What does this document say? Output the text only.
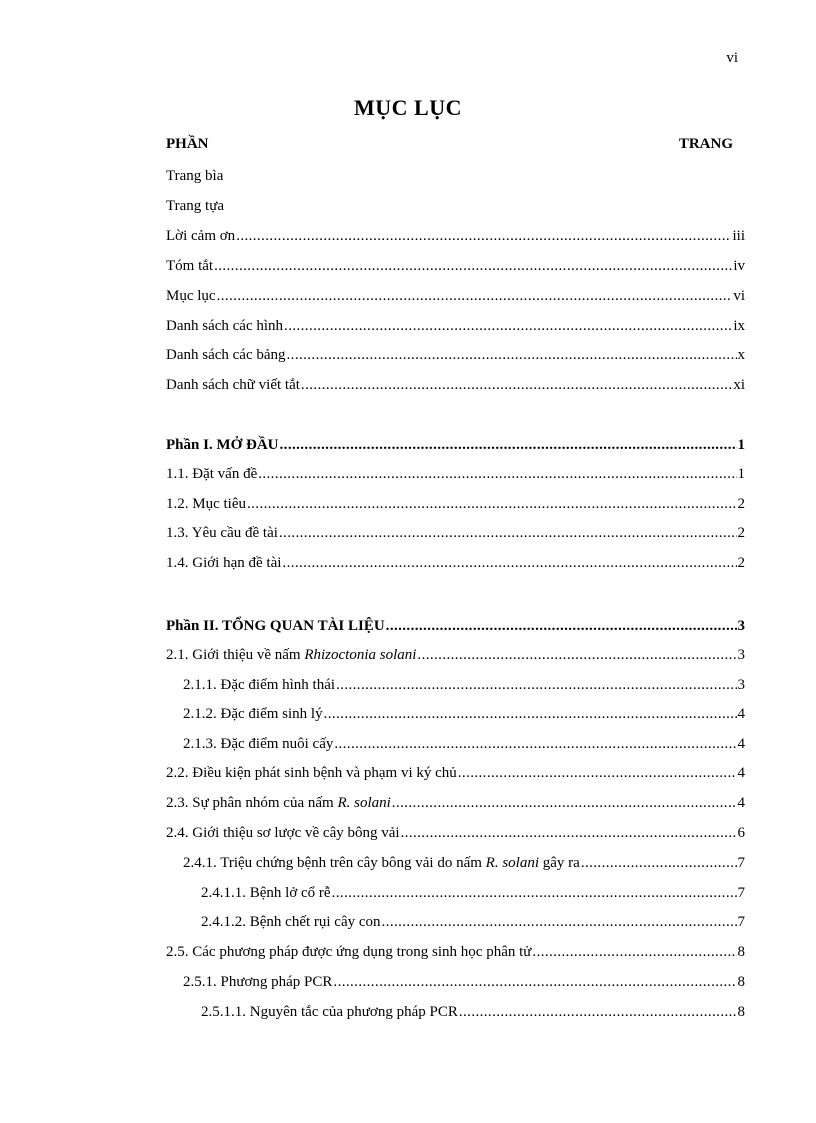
vi
MỤC LỤC
PHẦN	TRANG
Trang bìa
Trang tựa
Lời cảm ơn .....	iii
Tóm tắt .....	iv
Mục lục .....	vi
Danh sách các hình .....	ix
Danh sách các bảng .....	x
Danh sách chữ viết tắt .....	xi
Phần I. MỞ ĐẦU .....	1
1.1. Đặt vấn đề .....	1
1.2. Mục tiêu .....	2
1.3. Yêu cầu đề tài .....	2
1.4. Giới hạn đề tài .....	2
Phần II. TỔNG QUAN TÀI LIỆU .....	3
2.1. Giới thiệu về nấm Rhizoctonia solani .....	3
2.1.1. Đặc điểm hình thái .....	3
2.1.2. Đặc điểm sinh lý .....	4
2.1.3. Đặc điểm nuôi cấy .....	4
2.2. Điều kiện phát sinh bệnh và phạm vi ký chủ .....	4
2.3. Sự phân nhóm của nấm R. solani .....	4
2.4. Giới thiệu sơ lược về cây bông vải .....	6
2.4.1. Triệu chứng bệnh trên cây bông vải do nấm R. solani gây ra .....	7
2.4.1.1. Bệnh lở cổ rễ .....	7
2.4.1.2. Bệnh chết rụi cây con .....	7
2.5. Các phương pháp được ứng dụng trong sinh học phân tử .....	8
2.5.1. Phương pháp PCR .....	8
2.5.1.1. Nguyên tắc của phương pháp PCR .....	8
